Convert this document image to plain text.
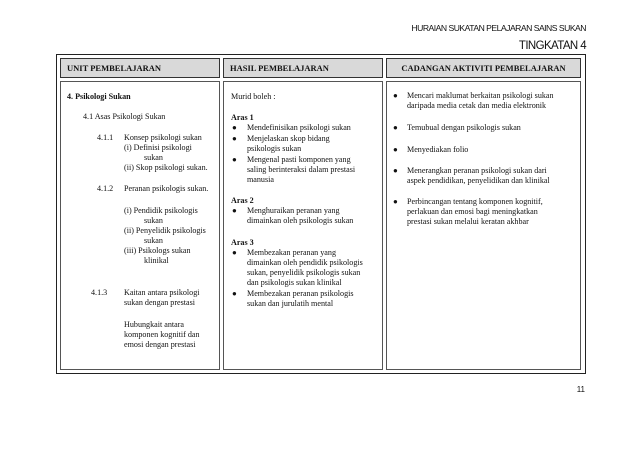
HURAIAN SUKATAN PELAJARAN SAINS SUKAN
TINGKATAN 4
UNIT PEMBELAJARAN	HASIL PEMBELAJARAN	CADANGAN AKTIVITI PEMBELAJARAN
4. Psikologi Sukan
4.1 Asas Psikologi Sukan
4.1.1 Konsep psikologi sukan
(i) Definisi psikologi
sukan
(ii) Skop psikologi sukan.
4.1.2 Peranan psikologis sukan.
(i) Pendidik psikologis
sukan
(ii) Penyelidik psikologis
sukan
(iii) Psikologs sukan
klinikal
4.1.3 Kaitan antara psikologi
sukan dengan prestasi
Hubungkait antara
komponen kognitif dan
emosi dengan prestasi
Murid boleh :
Aras 1
● Mendefinisikan psikologi sukan
● Menjelaskan skop bidang
psikologis sukan
● Mengenal pasti komponen yang
saling berinteraksi dalam prestasi
manusia
Aras 2
● Menghuraikan peranan yang
dimainkan oleh psikologis sukan
Aras 3
● Membezakan peranan yang
dimainkan oleh pendidik psikologis
sukan, penyelidik psikologis sukan
dan psikologis sukan klinikal
● Membezakan peranan psikologis
sukan dan jurulatih mental
● Mencari maklumat berkaitan psikologi sukan
daripada media cetak dan media elektronik
● Temubual dengan psikologis sukan
● Menyediakan folio
● Menerangkan peranan psikologi sukan dari
aspek pendidikan, penyelidikan dan klinikal
● Perbincangan tentang komponen kognitif,
perlakuan dan emosi bagi meningkatkan
prestasi sukan melalui keratan akhbar
11
